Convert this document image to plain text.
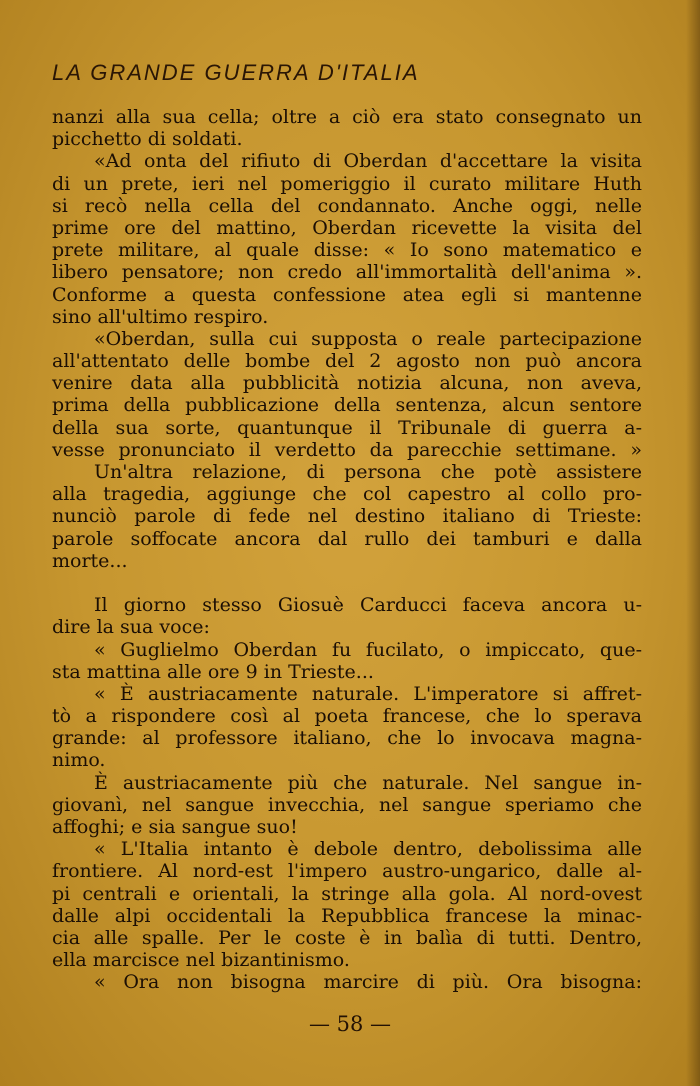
LA GRANDE GUERRA D'ITALIA
nanzi alla sua cella; oltre a ciò era stato consegnato un
picchetto di soldati.
«Ad onta del rifiuto di Oberdan d'accettare la visita
di un prete, ieri nel pomeriggio il curato militare Huth
si recò nella cella del condannato. Anche oggi, nelle
prime ore del mattino, Oberdan ricevette la visita del
prete militare, al quale disse: « Io sono matematico e
libero pensatore; non credo all'immortalità dell'anima ».
Conforme a questa confessione atea egli si mantenne
sino all'ultimo respiro.
«Oberdan, sulla cui supposta o reale partecipazione
all'attentato delle bombe del 2 agosto non può ancora
venire data alla pubblicità notizia alcuna, non aveva,
prima della pubblicazione della sentenza, alcun sentore
della sua sorte, quantunque il Tribunale di guerra a-
vesse pronunciato il verdetto da parecchie settimane. »
Un'altra relazione, di persona che potè assistere
alla tragedia, aggiunge che col capestro al collo pro-
nunciò parole di fede nel destino italiano di Trieste:
parole soffocate ancora dal rullo dei tamburi e dalla
morte...
Il giorno stesso Giosuè Carducci faceva ancora u-
dire la sua voce:
« Guglielmo Oberdan fu fucilato, o impiccato, que-
sta mattina alle ore 9 in Trieste...
« È austriacamente naturale. L'imperatore si affret-
tò a rispondere così al poeta francese, che lo sperava
grande: al professore italiano, che lo invocava magna-
nimo.
È austriacamente più che naturale. Nel sangue in-
giovanì, nel sangue invecchia, nel sangue speriamo che
affoghi; e sia sangue suo!
« L'Italia intanto è debole dentro, debolissima alle
frontiere. Al nord-est l'impero austro-ungarico, dalle al-
pi centrali e orientali, la stringe alla gola. Al nord-ovest
dalle alpi occidentali la Repubblica francese la minac-
cia alle spalle. Per le coste è in balìa di tutti. Dentro,
ella marcisce nel bizantinismo.
« Ora non bisogna marcire di più. Ora bisogna:
— 58 —
